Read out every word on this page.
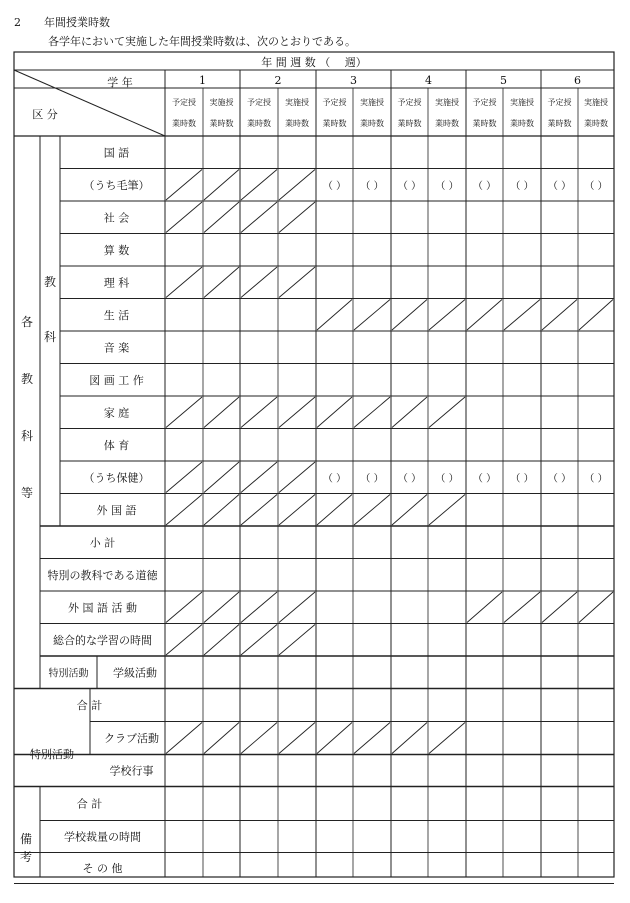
2 年間授業時数
各学年において実施した年間授業時数は、次のとおりである。
年 間 週 数 （ 　週）
1
予定授
業時数
実施授
業時数
2
予定授
業時数
実施授
業時数
3
予定授
業時数
実施授
業時数
4
予定授
業時数
実施授
業時数
5
予定授
業時数
実施授
業時数
6
予定授
業時数
実施授
業時数
学 年
区 分
各
教
科
等
教
科
備
考
国 語
（うち毛筆）
社 会
算 数
理 科
生 活
音 楽
図 画 工 作
家 庭
体 育
（うち保健）
外 国 語
小 計
特別の教科である道徳
外 国 語 活 動
総合的な学習の時間
学級活動
合 計
クラブ活動
学校行事
合 計
学校裁量の時間
そ の 他
特別活動
特別活動
（ ） （ ） （ ） （ ） （ ） （ ） （ ） （ ）
（ ） （ ） （ ） （ ） （ ） （ ） （ ） （ ）
